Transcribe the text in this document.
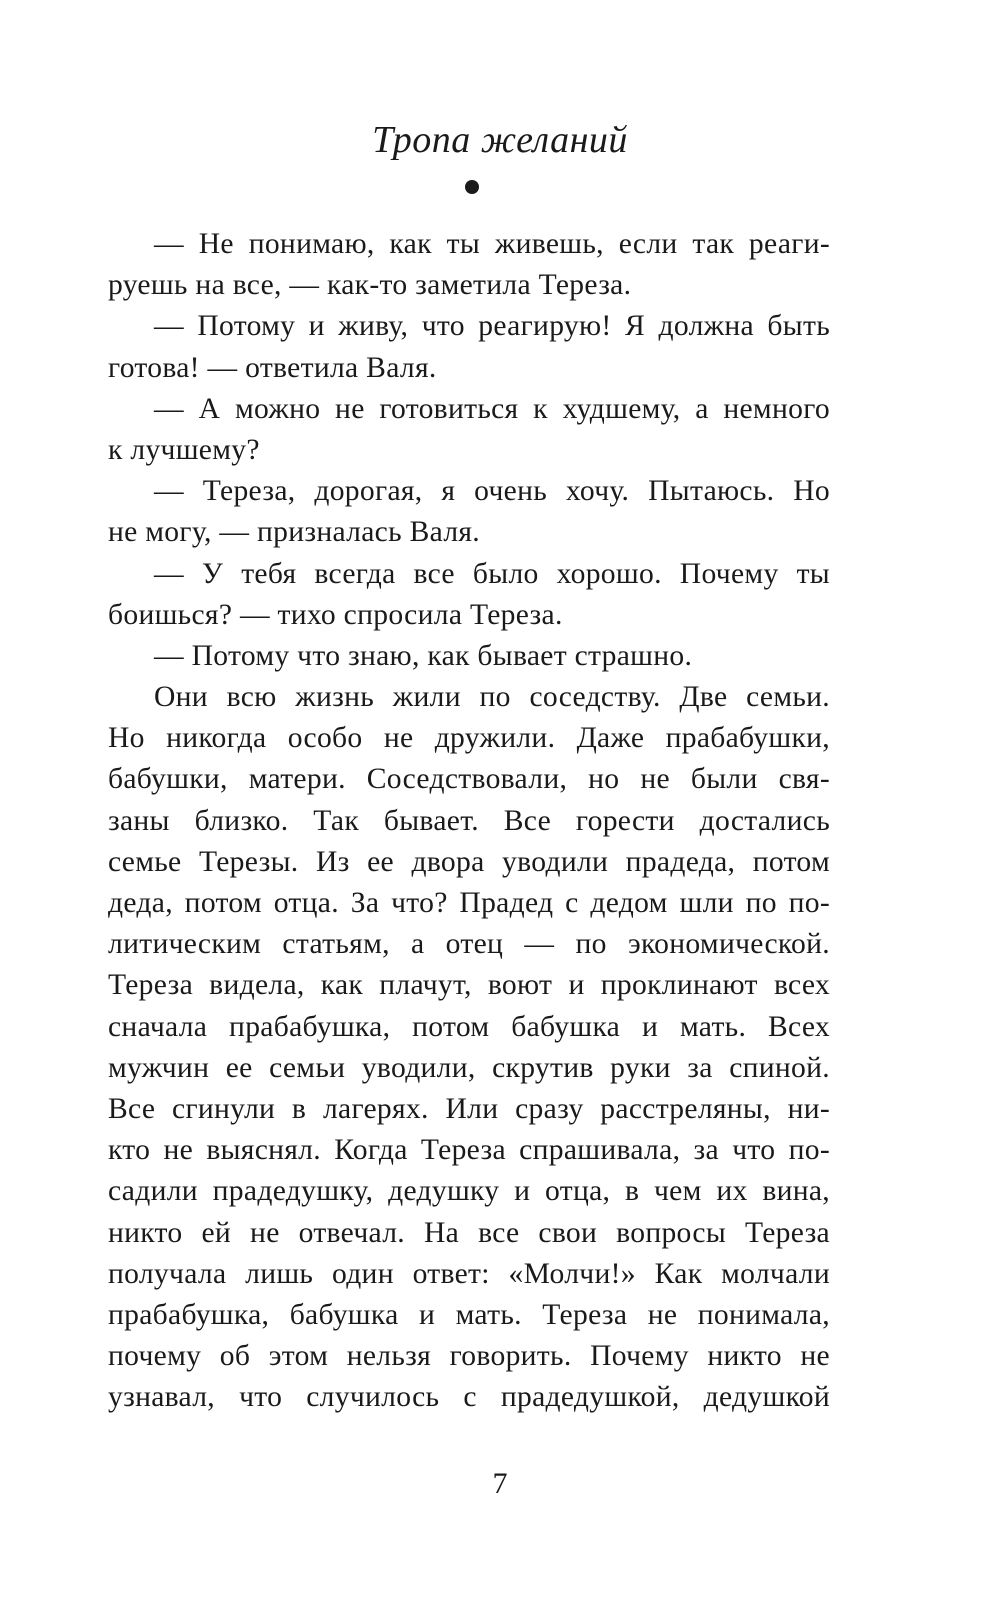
Тропа желаний
— Не понимаю, как ты живешь, если так реаги-
руешь на все, — как-то заметила Тереза.
— Потому и живу, что реагирую! Я должна быть
готова! — ответила Валя.
— А можно не готовиться к худшему, а немного
к лучшему?
— Тереза, дорогая, я очень хочу. Пытаюсь. Но
не могу, — призналась Валя.
— У тебя всегда все было хорошо. Почему ты
боишься? — тихо спросила Тереза.
— Потому что знаю, как бывает страшно.
Они всю жизнь жили по соседству. Две семьи.
Но никогда особо не дружили. Даже прабабушки,
бабушки, матери. Соседствовали, но не были свя-
заны близко. Так бывает. Все горести достались
семье Терезы. Из ее двора уводили прадеда, потом
деда, потом отца. За что? Прадед с дедом шли по по-
литическим статьям, а отец — по экономической.
Тереза видела, как плачут, воют и проклинают всех
сначала прабабушка, потом бабушка и мать. Всех
мужчин ее семьи уводили, скрутив руки за спиной.
Все сгинули в лагерях. Или сразу расстреляны, ни-
кто не выяснял. Когда Тереза спрашивала, за что по-
садили прадедушку, дедушку и отца, в чем их вина,
никто ей не отвечал. На все свои вопросы Тереза
получала лишь один ответ: «Молчи!» Как молчали
прабабушка, бабушка и мать. Тереза не понимала,
почему об этом нельзя говорить. Почему никто не
узнавал, что случилось с прадедушкой, дедушкой
7
